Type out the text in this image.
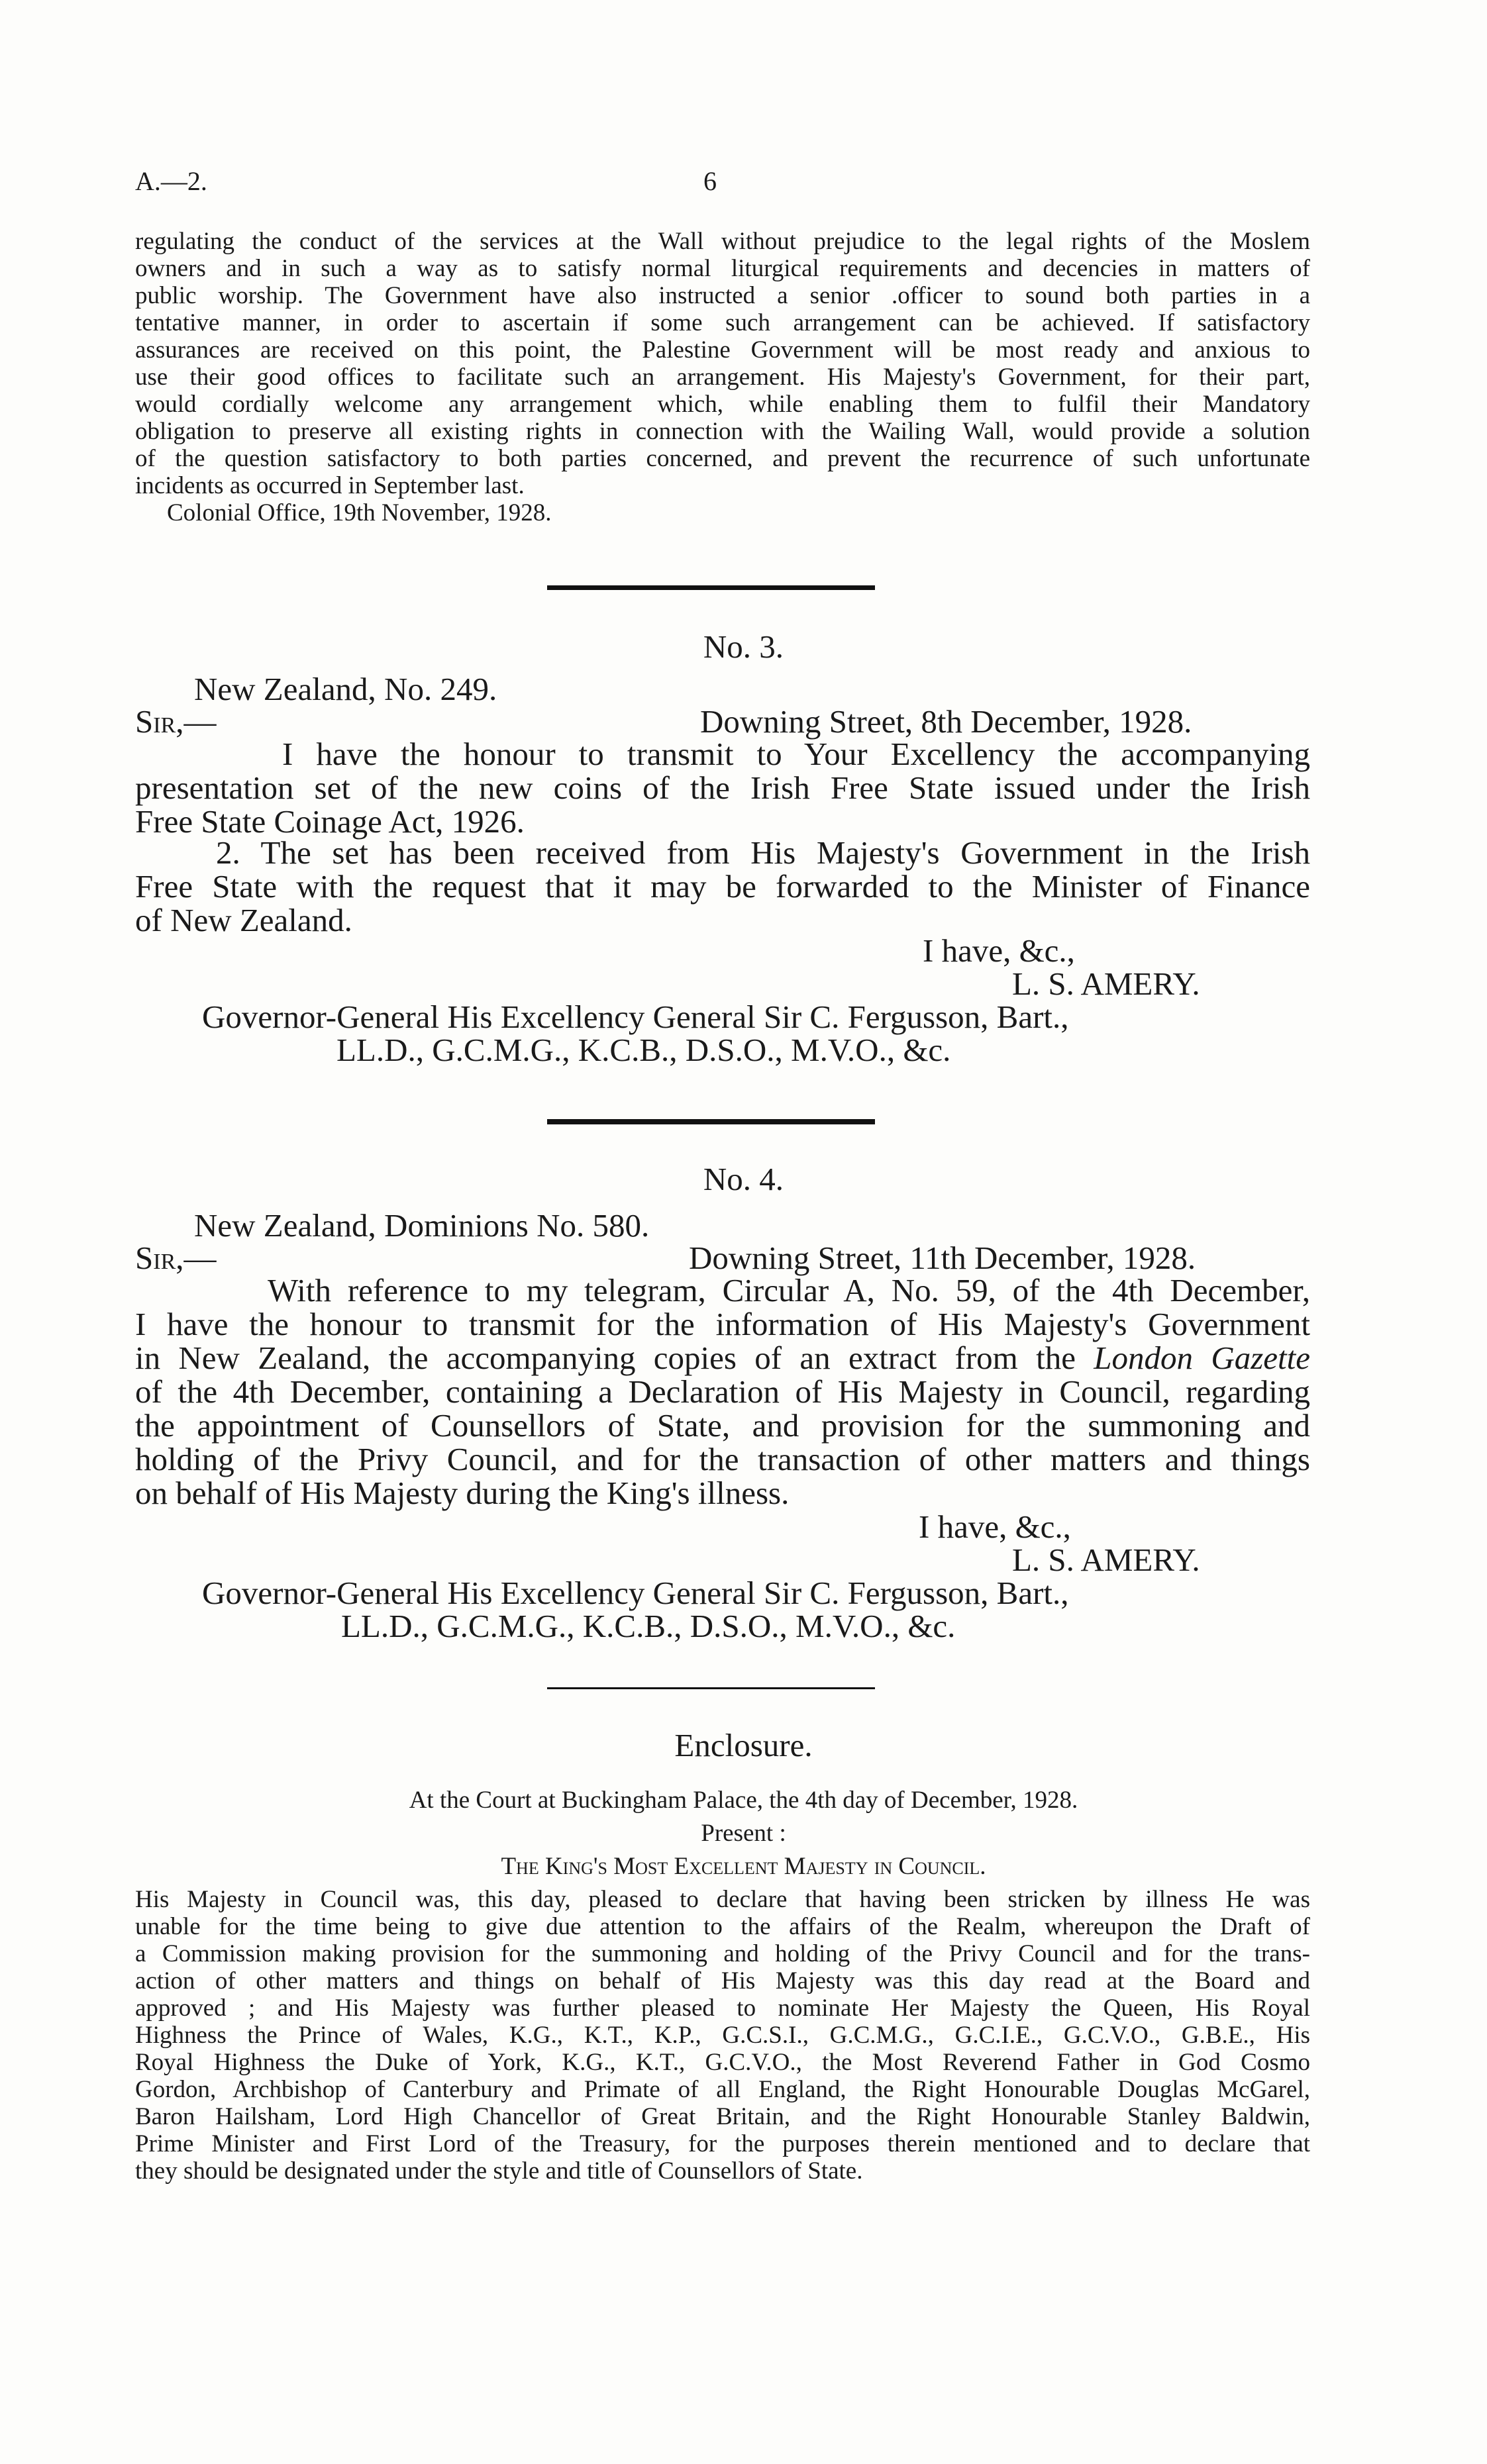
A.—2.	6
regulating the conduct of the services at the Wall without prejudice to the legal rights of the Moslem
owners and in such a way as to satisfy normal liturgical requirements and decencies in matters of
public worship. The Government have also instructed a senior .officer to sound both parties in a
tentative manner, in order to ascertain if some such arrangement can be achieved. If satisfactory
assurances are received on this point, the Palestine Government will be most ready and anxious to
use their good offices to facilitate such an arrangement. His Majesty's Government, for their part,
would cordially welcome any arrangement which, while enabling them to fulfil their Mandatory
obligation to preserve all existing rights in connection with the Wailing Wall, would provide a solution
of the question satisfactory to both parties concerned, and prevent the recurrence of such unfortunate
incidents as occurred in September last.
Colonial Office, 19th November, 1928.
No. 3.
New Zealand, No. 249.
Sir,—	Downing Street, 8th December, 1928.
I have the honour to transmit to Your Excellency the accompanying
presentation set of the new coins of the Irish Free State issued under the Irish
Free State Coinage Act, 1926.
2. The set has been received from His Majesty's Government in the Irish
Free State with the request that it may be forwarded to the Minister of Finance
of New Zealand.
I have, &c.,
L. S. AMERY.
Governor-General His Excellency General Sir C. Fergusson, Bart.,
LL.D., G.C.M.G., K.C.B., D.S.O., M.V.O., &c.
No. 4.
New Zealand, Dominions No. 580.
Sir,—	Downing Street, 11th December, 1928.
With reference to my telegram, Circular A, No. 59, of the 4th December,
I have the honour to transmit for the information of His Majesty's Government
in New Zealand, the accompanying copies of an extract from the London Gazette
of the 4th December, containing a Declaration of His Majesty in Council, regarding
the appointment of Counsellors of State, and provision for the summoning and
holding of the Privy Council, and for the transaction of other matters and things
on behalf of His Majesty during the King's illness.
I have, &c.,
L. S. AMERY.
Governor-General His Excellency General Sir C. Fergusson, Bart.,
LL.D., G.C.M.G., K.C.B., D.S.O., M.V.O., &c.
Enclosure.
At the Court at Buckingham Palace, the 4th day of December, 1928.
Present :
The King's Most Excellent Majesty in Council.
His Majesty in Council was, this day, pleased to declare that having been stricken by illness He was
unable for the time being to give due attention to the affairs of the Realm, whereupon the Draft of
a Commission making provision for the summoning and holding of the Privy Council and for the trans-
action of other matters and things on behalf of His Majesty was this day read at the Board and
approved ; and His Majesty was further pleased to nominate Her Majesty the Queen, His Royal
Highness the Prince of Wales, K.G., K.T., K.P., G.C.S.I., G.C.M.G., G.C.I.E., G.C.V.O., G.B.E., His
Royal Highness the Duke of York, K.G., K.T., G.C.V.O., the Most Reverend Father in God Cosmo
Gordon, Archbishop of Canterbury and Primate of all England, the Right Honourable Douglas McGarel,
Baron Hailsham, Lord High Chancellor of Great Britain, and the Right Honourable Stanley Baldwin,
Prime Minister and First Lord of the Treasury, for the purposes therein mentioned and to declare that
they should be designated under the style and title of Counsellors of State.
